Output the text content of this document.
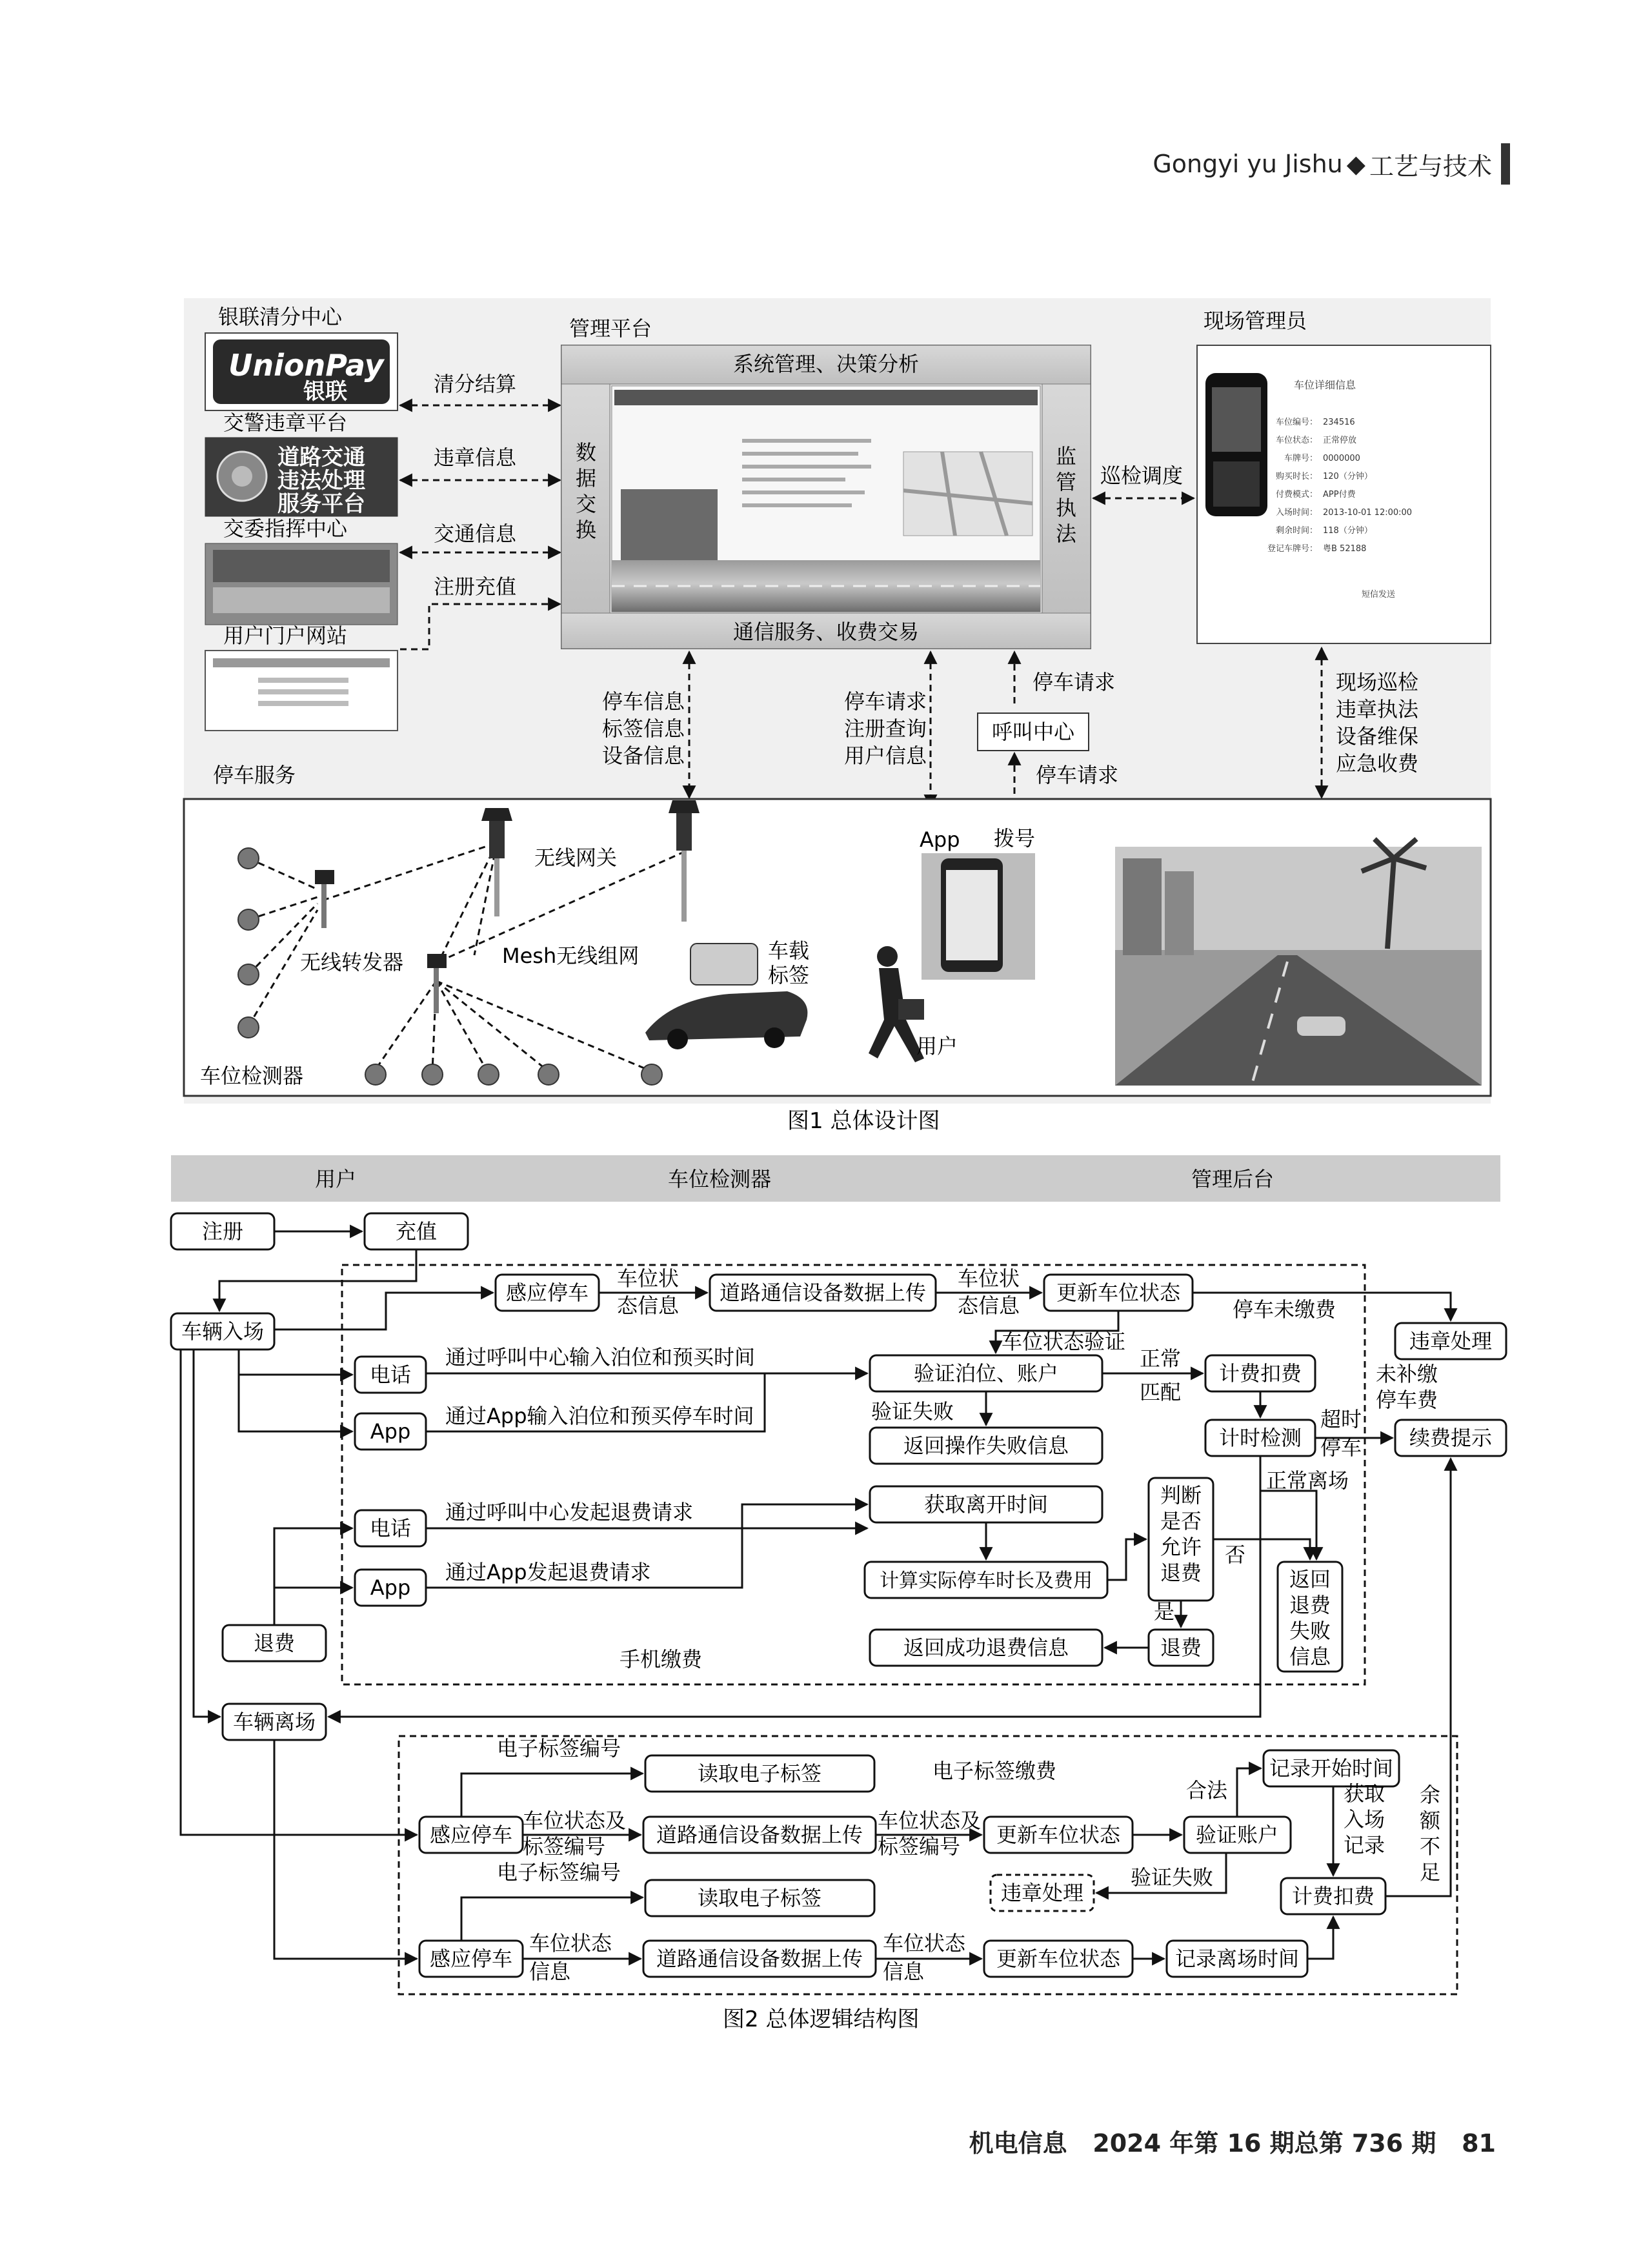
Gongyi yu Jishu ◆ 工艺与技术
银联清分中心
UnionPay
银联	清分结算
交警违章平台
道路交通
违法处理
服务平台
违章信息
交委指挥中心	交通信息
用户门户网站
注册充值
管理平台
系统管理、决策分析
通信服务、收费交易
数
据
交
换
监
管
执
法
现场管理员
车位详细信息
车位编号： 234516
车位状态： 正常停放
车牌号： 0000000
购买时长： 120（分钟）
付费模式： APP付费
入场时间： 2013-10-01 12:00:00
剩余时间： 118（分钟）
登记车牌号： 粤B 52188
短信发送
巡检调度
停车信息
标签信息
设备信息
停车请求
注册查询
用户信息
停车请求
呼叫中心
停车请求
现场巡检
违章执法
设备维保
应急收费
停车服务
无线网关
无线转发器	Mesh无线组网
车位检测器
车载
标签
App 拨号
用户
图1 总体设计图
用户	车位检测器	管理后台
注册	充值
车辆入场
感应停车	道路通信设备数据上传	更新车位状态
电话
App
验证泊位、账户
返回操作失败信息
计费扣费
计时检测
违章处理
续费提示
电话
App
退费
获取离开时间
计算实际停车时长及费用
返回成功退费信息	退费
车辆离场
读取电子标签
感应停车	道路通信设备数据上传	更新车位状态	验证账户
记录开始时间
读取电子标签	违章处理	计费扣费
感应停车	道路通信设备数据上传	更新车位状态	记录离场时间
判断是否允许退费	返回退费失败信息
车位状态信息
车位状态信息	停车未缴费
车位状态验证
通过呼叫中心输入泊位和预买时间
通过App输入泊位和预买停车时间
正常
匹配
验证失败
未补缴停车费
超时停车
正常离场
通过呼叫中心发起退费请求
通过App发起退费请求
否
是
手机缴费
电子标签编号
电子标签缴费
车位状态及标签编号
车位状态及标签编号
合法	获取入场记录
余额不足
验证失败
电子标签编号
车位状态信息
车位状态信息
图2 总体逻辑结构图
机电信息 2024 年第 16 期总第 736 期 81
